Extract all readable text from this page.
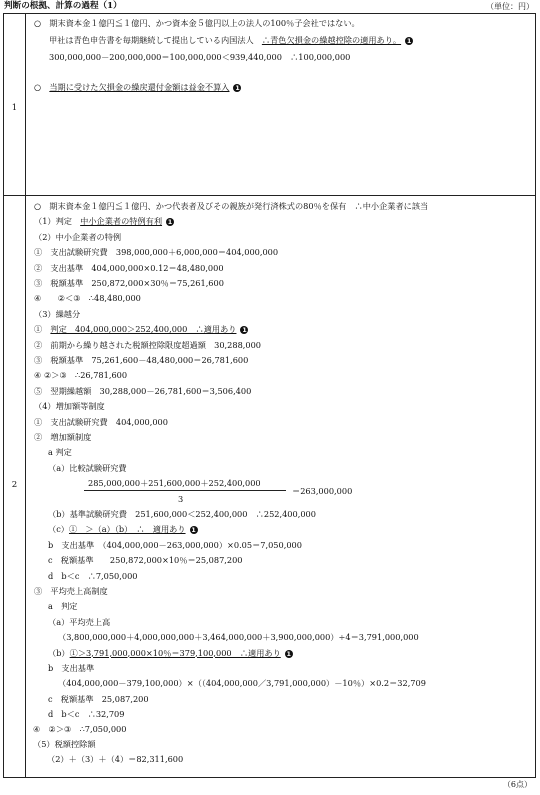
判断の根拠、計算の過程（1）	（単位：円）
1
○　期末資本金１億円≦１億円、かつ資本金５億円以上の法人の100％子会社ではない。
甲社は青色申告書を毎期継続して提出している内国法人　∴青色欠損金の繰越控除の適用あり。 1
300,000,000－200,000,000＝100,000,000＜939,440,000　∴100,000,000
○　当期に受けた欠損金の繰戻還付金額は益金不算入 1
2
○　期末資本金１億円≦１億円、かつ代表者及びその親族が発行済株式の80％を保有　∴中小企業者に該当
（1）判定　中小企業者の特例有利 1
（2）中小企業者の特例
①　支出試験研究費　398,000,000＋6,000,000＝404,000,000
②　支出基準　404,000,000×0.12＝48,480,000
③　税額基準　250,872,000×30％＝75,261,600
④　　②＜③　∴48,480,000
（3）繰越分
①　判定　404,000,000＞252,400,000　∴適用あり 1
②　前期から繰り越された税額控除限度超過額　30,288,000
③　税額基準　75,261,600－48,480,000＝26,781,600
④ ②＞③　∴26,781,600
⑤　翌期繰越額　30,288,000－26,781,600＝3,506,400
（4）増加額等制度
①　支出試験研究費　404,000,000
②　増加額制度
a 判定
（a）比較試験研究費
285,000,000＋251,600,000＋252,400,000
3
＝263,000,000
（b）基準試験研究費　251,600,000＜252,400,000　∴252,400,000
（c）①　＞（a）（b）　∴　適用あり 1
b　支出基準　（404,000,000－263,000,000）×0.05＝7,050,000
c　税額基準　　250,872,000×10％＝25,087,200
d　b＜c　∴7,050,000
③　平均売上高制度
a　判定
（a）平均売上高
（3,800,000,000＋4,000,000,000＋3,464,000,000＋3,900,000,000）÷4＝3,791,000,000
（b）①＞3,791,000,000×10％＝379,100,000　∴適用あり 1
b　支出基準
（404,000,000－379,100,000）×（（404,000,000／3,791,000,000）－10％）×0.2＝32,709
c　税額基準　25,087,200
d　b＜c　∴32,709
④　②＞③　∴7,050,000
（5）税額控除額
（2）＋（3）＋（4）＝82,311,600
（6点）
